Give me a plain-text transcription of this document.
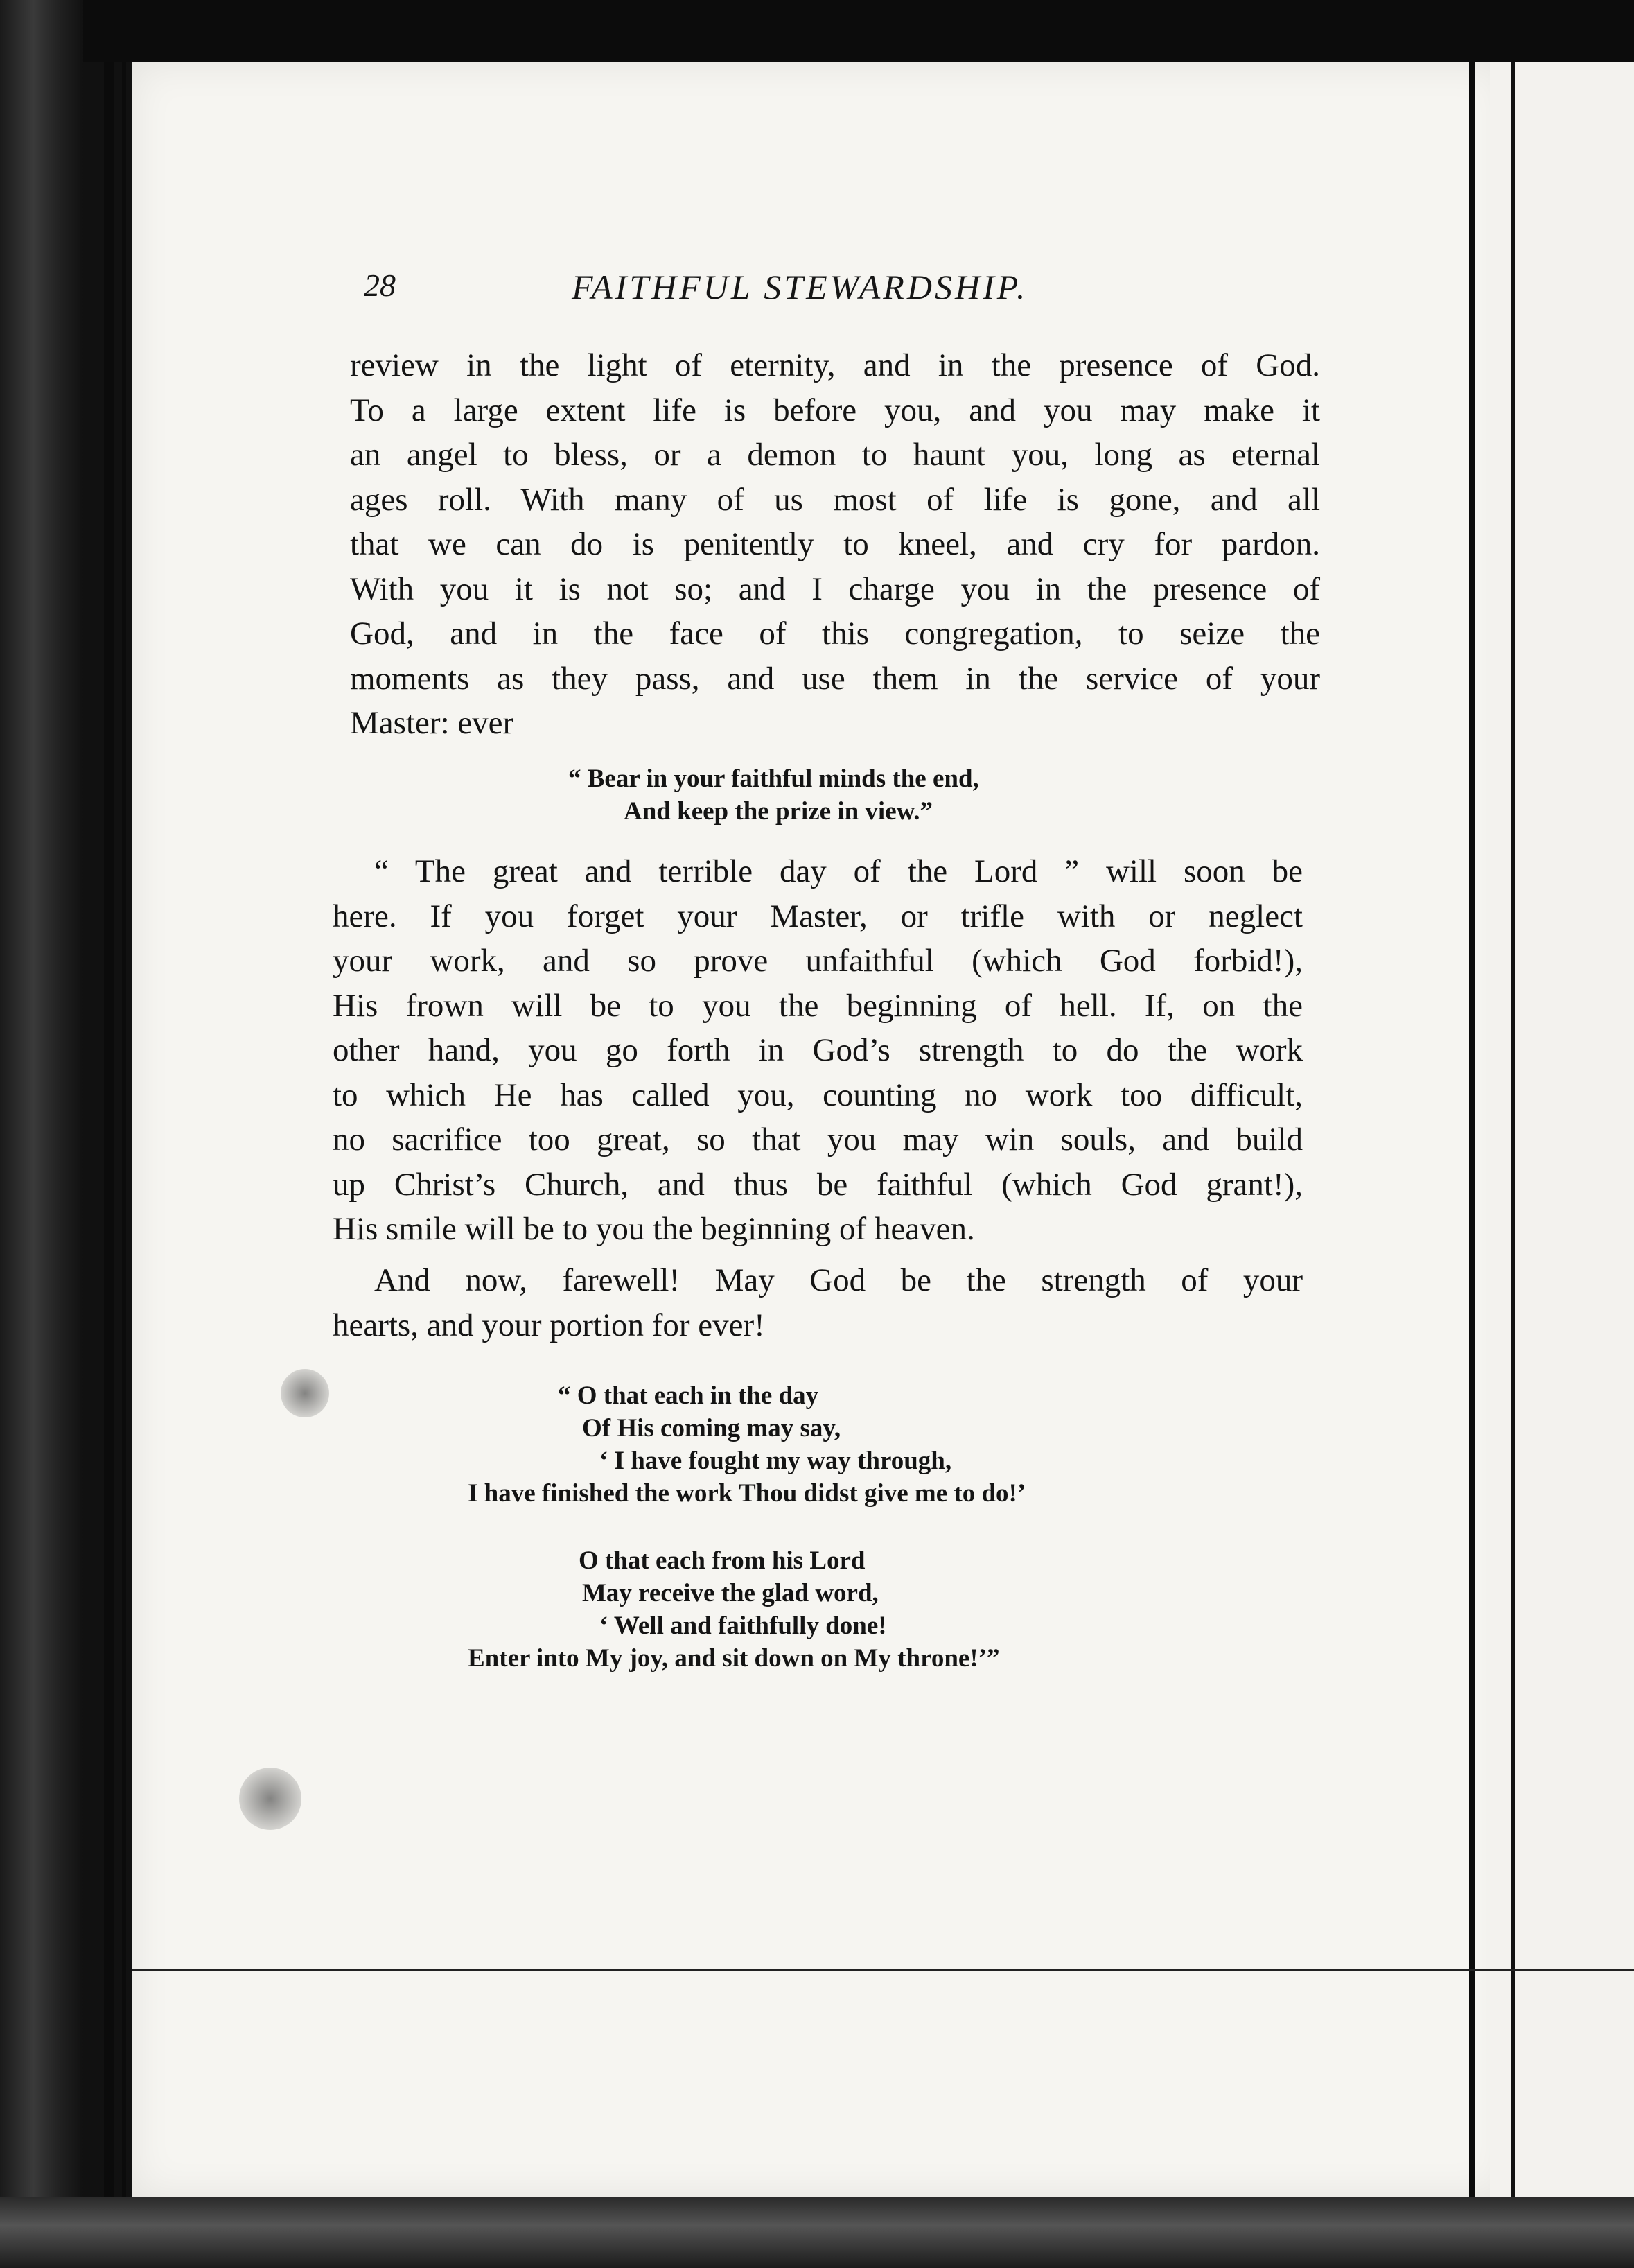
28	FAITHFUL STEWARDSHIP.
review in the light of eternity, and in the presence of God.
To a large extent life is before you, and you may make it
an angel to bless, or a demon to haunt you, long as eternal
ages roll. With many of us most of life is gone, and all
that we can do is penitently to kneel, and cry for pardon.
With you it is not so; and I charge you in the presence of
God, and in the face of this congregation, to seize the
moments as they pass, and use them in the service of your
Master: ever
“ Bear in your faithful minds the end,
And keep the prize in view.”
“ The great and terrible day of the Lord ” will soon be
here. If you forget your Master, or trifle with or neglect
your work, and so prove unfaithful (which God forbid!),
His frown will be to you the beginning of hell. If, on the
other hand, you go forth in God’s strength to do the work
to which He has called you, counting no work too difficult,
no sacrifice too great, so that you may win souls, and build
up Christ’s Church, and thus be faithful (which God grant!),
His smile will be to you the beginning of heaven.
And now, farewell! May God be the strength of your
hearts, and your portion for ever!
“ O that each in the day
Of His coming may say,
‘ I have fought my way through,
I have finished the work Thou didst give me to do!’
O that each from his Lord
May receive the glad word,
‘ Well and faithfully done!
Enter into My joy, and sit down on My throne!’”
